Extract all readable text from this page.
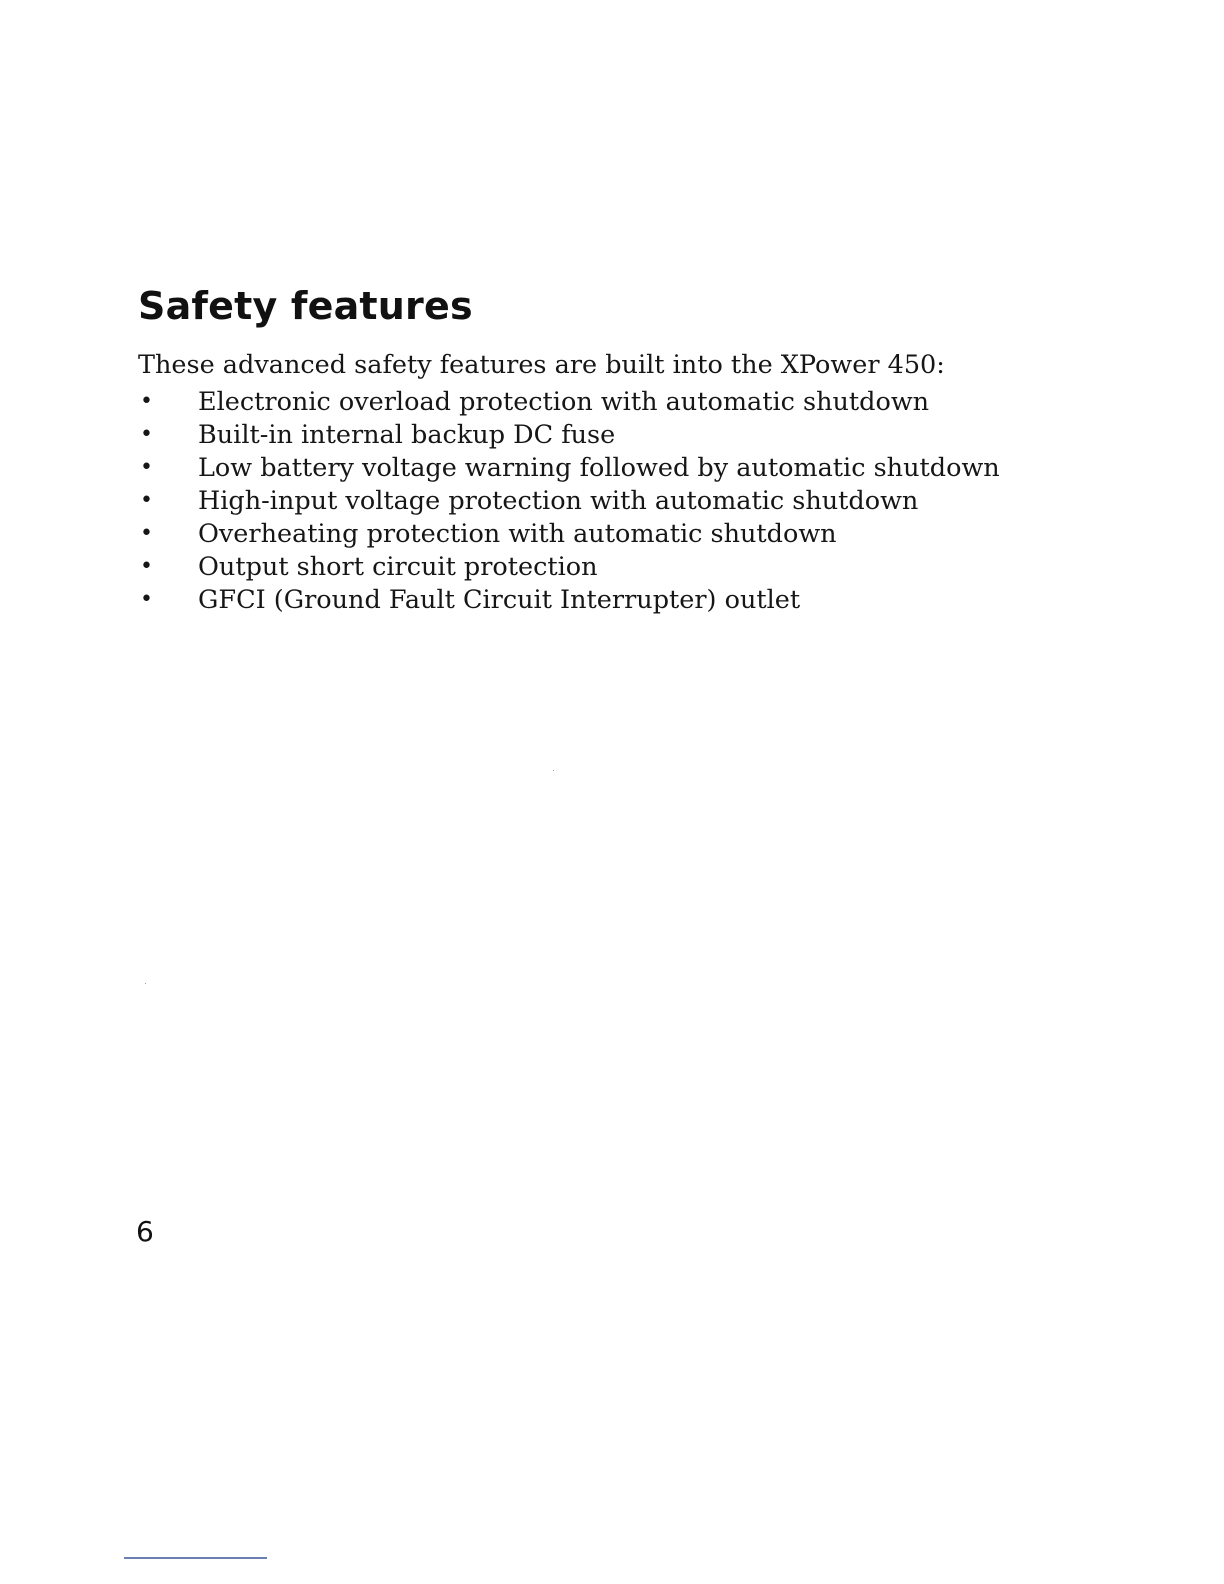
Safety features

These advanced safety features are built into the XPower 450:

• Electronic overload protection with automatic shutdown
• Built-in internal backup DC fuse
• Low battery voltage warning followed by automatic shutdown
• High-input voltage protection with automatic shutdown
• Overheating protection with automatic shutdown
• Output short circuit protection
• GFCI (Ground Fault Circuit Interrupter) outlet

6
